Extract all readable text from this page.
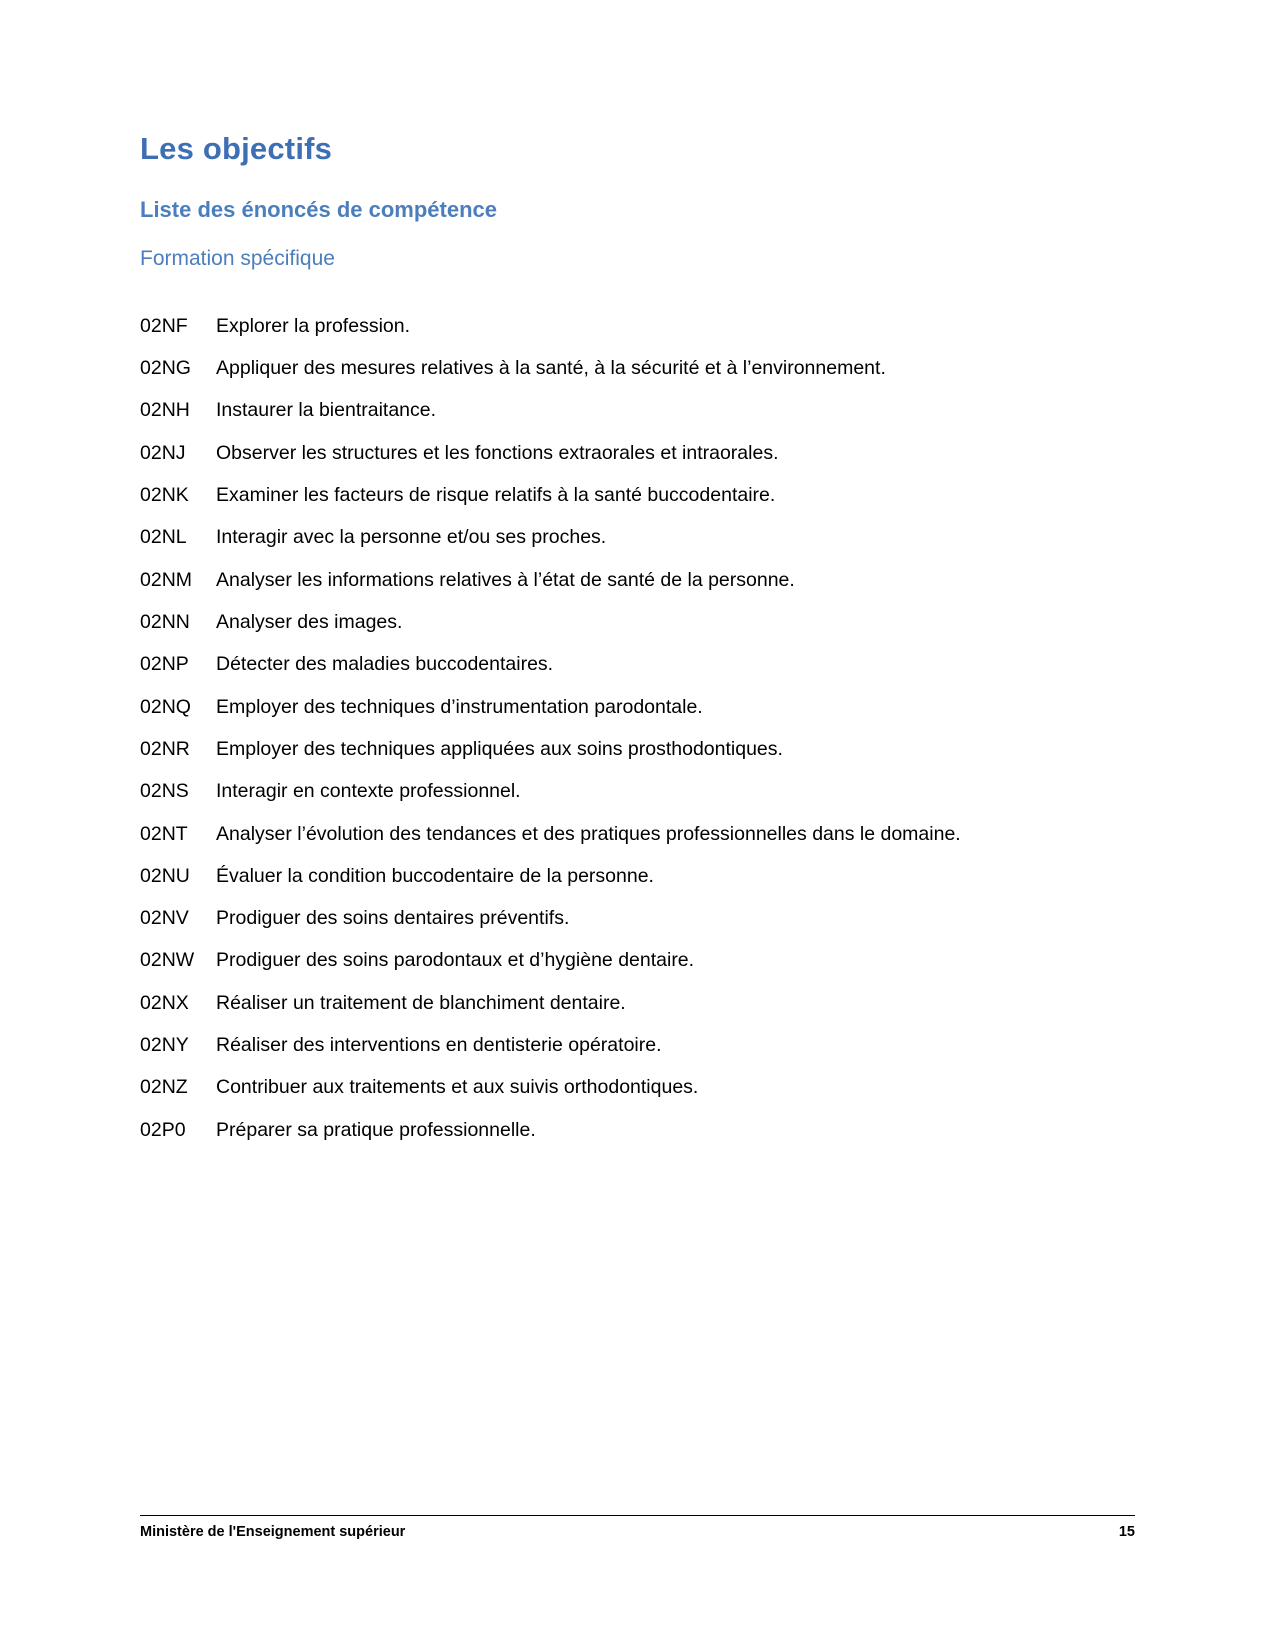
Les objectifs
Liste des énoncés de compétence
Formation spécifique
02NF	Explorer la profession.
02NG	Appliquer des mesures relatives à la santé, à la sécurité et à l’environnement.
02NH	Instaurer la bientraitance.
02NJ	Observer les structures et les fonctions extraorales et intraorales.
02NK	Examiner les facteurs de risque relatifs à la santé buccodentaire.
02NL	Interagir avec la personne et/ou ses proches.
02NM	Analyser les informations relatives à l’état de santé de la personne.
02NN	Analyser des images.
02NP	Détecter des maladies buccodentaires.
02NQ	Employer des techniques d’instrumentation parodontale.
02NR	Employer des techniques appliquées aux soins prosthodontiques.
02NS	Interagir en contexte professionnel.
02NT	Analyser l’évolution des tendances et des pratiques professionnelles dans le domaine.
02NU	Évaluer la condition buccodentaire de la personne.
02NV	Prodiguer des soins dentaires préventifs.
02NW	Prodiguer des soins parodontaux et d’hygiène dentaire.
02NX	Réaliser un traitement de blanchiment dentaire.
02NY	Réaliser des interventions en dentisterie opératoire.
02NZ	Contribuer aux traitements et aux suivis orthodontiques.
02P0	Préparer sa pratique professionnelle.
Ministère de l'Enseignement supérieur	15
